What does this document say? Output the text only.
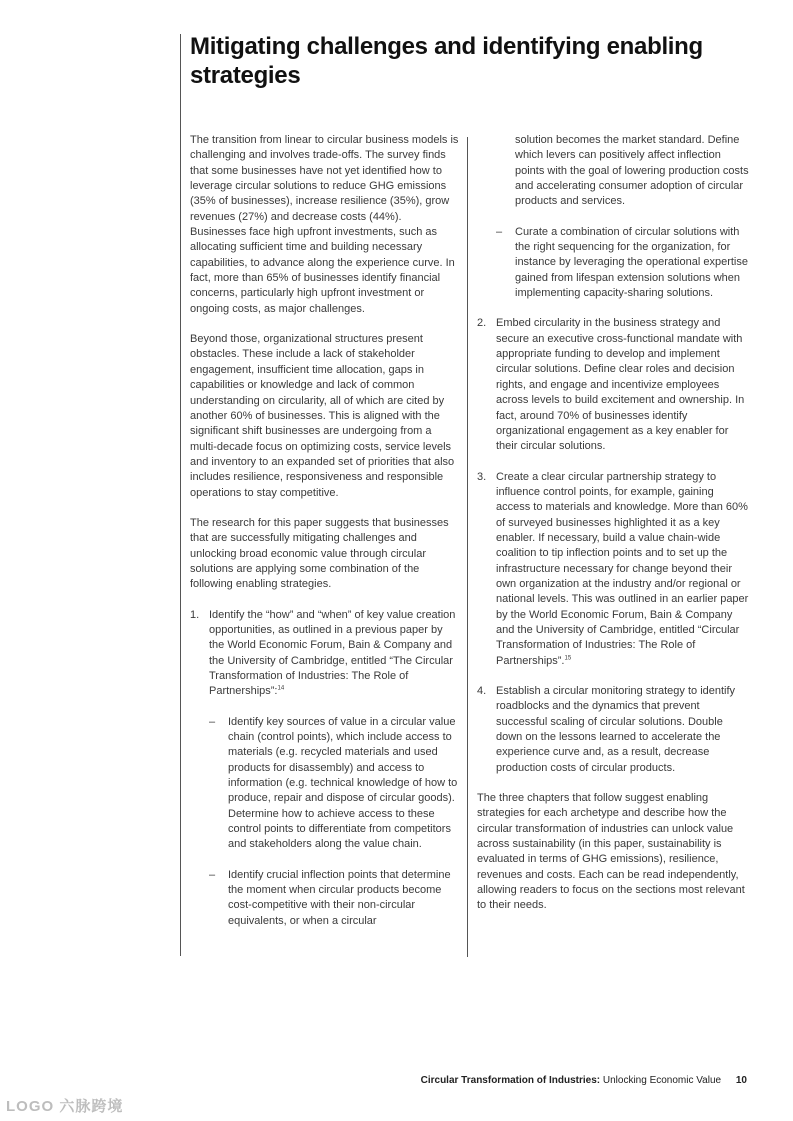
Mitigating challenges and identifying enabling strategies

The transition from linear to circular business models is challenging and involves trade-offs. The survey finds that some businesses have not yet identified how to leverage circular solutions to reduce GHG emissions (35% of businesses), increase resilience (35%), grow revenues (27%) and decrease costs (44%). Businesses face high upfront investments, such as allocating sufficient time and building necessary capabilities, to advance along the experience curve. In fact, more than 65% of businesses identify financial concerns, particularly high upfront investment or ongoing costs, as major challenges.

Beyond those, organizational structures present obstacles. These include a lack of stakeholder engagement, insufficient time allocation, gaps in capabilities or knowledge and lack of common understanding on circularity, all of which are cited by another 60% of businesses. This is aligned with the significant shift businesses are undergoing from a multi-decade focus on optimizing costs, service levels and inventory to an expanded set of priorities that also includes resilience, responsiveness and responsible operations to stay competitive.

The research for this paper suggests that businesses that are successfully mitigating challenges and unlocking broad economic value through circular solutions are applying some combination of the following enabling strategies.

1. Identify the “how” and “when” of key value creation opportunities, as outlined in a previous paper by the World Economic Forum, Bain & Company and the University of Cambridge, entitled “The Circular Transformation of Industries: The Role of Partnerships”:$^{14}$
– Identify key sources of value in a circular value chain (control points), which include access to materials (e.g. recycled materials and used products for disassembly) and access to information (e.g. technical knowledge of how to produce, repair and dispose of circular goods). Determine how to achieve access to these control points to differentiate from competitors and stakeholders along the value chain.
– Identify crucial inflection points that determine the moment when circular products become cost-competitive with their non-circular equivalents, or when a circular

solution becomes the market standard. Define which levers can positively affect inflection points with the goal of lowering production costs and accelerating consumer adoption of circular products and services.

– Curate a combination of circular solutions with the right sequencing for the organization, for instance by leveraging the operational expertise gained from lifespan extension solutions when implementing capacity-sharing solutions.
2. Embed circularity in the business strategy and secure an executive cross-functional mandate with appropriate funding to develop and implement circular solutions. Define clear roles and decision rights, and engage and incentivize employees across levels to build excitement and ownership. In fact, around 70% of businesses identify organizational engagement as a key enabler for their circular solutions.
3. Create a clear circular partnership strategy to influence control points, for example, gaining access to materials and knowledge. More than 60% of surveyed businesses highlighted it as a key enabler. If necessary, build a value chain-wide coalition to tip inflection points and to set up the infrastructure necessary for change beyond their own organization at the industry and/or regional or national levels. This was outlined in an earlier paper by the World Economic Forum, Bain & Company and the University of Cambridge, entitled “Circular Transformation of Industries: The Role of Partnerships”.$^{15}$
4. Establish a circular monitoring strategy to identify roadblocks and the dynamics that prevent successful scaling of circular solutions. Double down on the lessons learned to accelerate the experience curve and, as a result, decrease production costs of circular products.

The three chapters that follow suggest enabling strategies for each archetype and describe how the circular transformation of industries can unlock value across sustainability (in this paper, sustainability is evaluated in terms of GHG emissions), resilience, revenues and costs. Each can be read independently, allowing readers to focus on the sections most relevant to their needs.

Circular Transformation of Industries: Unlocking Economic Value 10
LOGO 六脉跨境
